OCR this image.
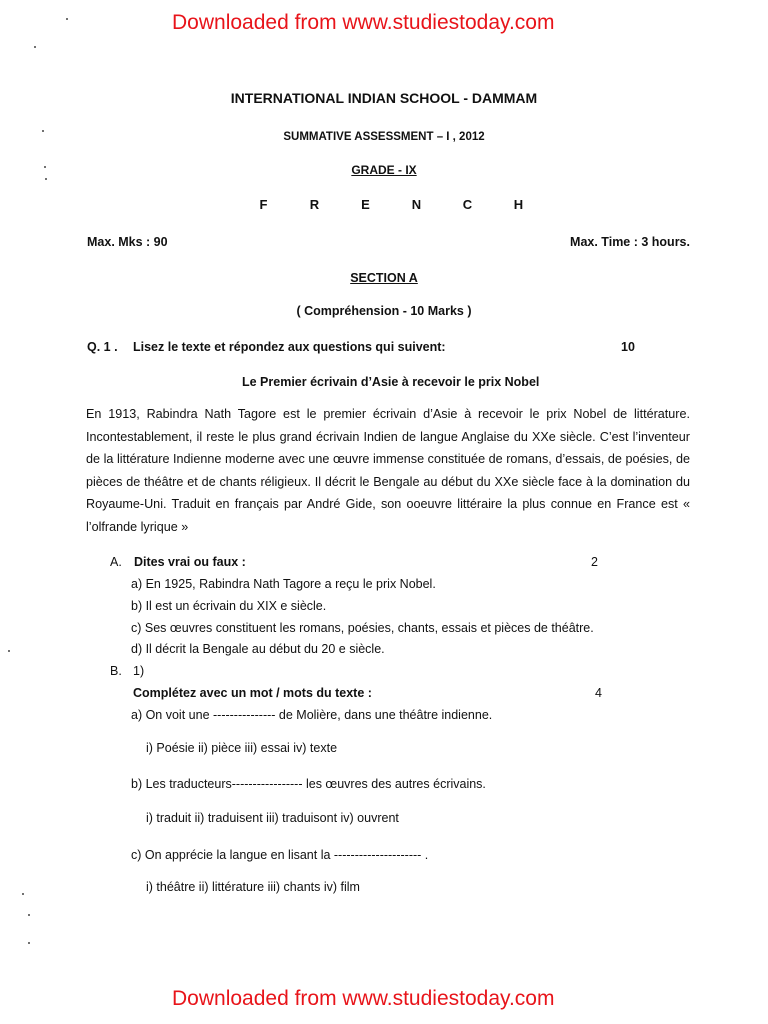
Downloaded from www.studiestoday.com
INTERNATIONAL INDIAN SCHOOL - DAMMAM
SUMMATIVE ASSESSMENT – I , 2012
GRADE - IX
F	R	E	N	C	H
Max. Mks : 90	Max. Time : 3 hours.
SECTION A
( Compréhension - 10 Marks )
Q. 1 . Lisez le texte et répondez aux questions qui suivent:	10
Le Premier écrivain d’Asie à recevoir le prix Nobel
En 1913, Rabindra Nath Tagore est le premier écrivain d’Asie à recevoir le prix Nobel de littérature. Incontestablement, il reste le plus grand écrivain Indien de langue Anglaise du XXe siècle. C’est l’inventeur de la littérature Indienne moderne avec une œuvre immense constituée de romans, d’essais, de poésies, de pièces de théâtre et de chants réligieux. Il décrit le Bengale au début du XXe siècle face à la domination du Royaume-Uni. Traduit en français par André Gide, son ooeuvre littéraire la plus connue en France est « l’olfrande lyrique »
A. Dites vrai ou faux :	2
a) En 1925, Rabindra Nath Tagore a reçu le prix Nobel.
b) Il est un écrivain du XIX e siècle.
c) Ses œuvres constituent les romans, poésies, chants, essais et pièces de théâtre.
d) Il décrit la Bengale au début du 20 e siècle.
B. 1)
Complétez avec un mot / mots du texte :	4
a) On voit une --------------- de Molière, dans une théâtre indienne.
i) Poésie ii) pièce iii) essai iv) texte
b) Les traducteurs----------------- les œuvres des autres écrivains.
i) traduit ii) traduisent iii) traduisont iv) ouvrent
c) On apprécie la langue en lisant la --------------------- .
i) théâtre ii) littérature iii) chants iv) film
Downloaded from www.studiestoday.com
